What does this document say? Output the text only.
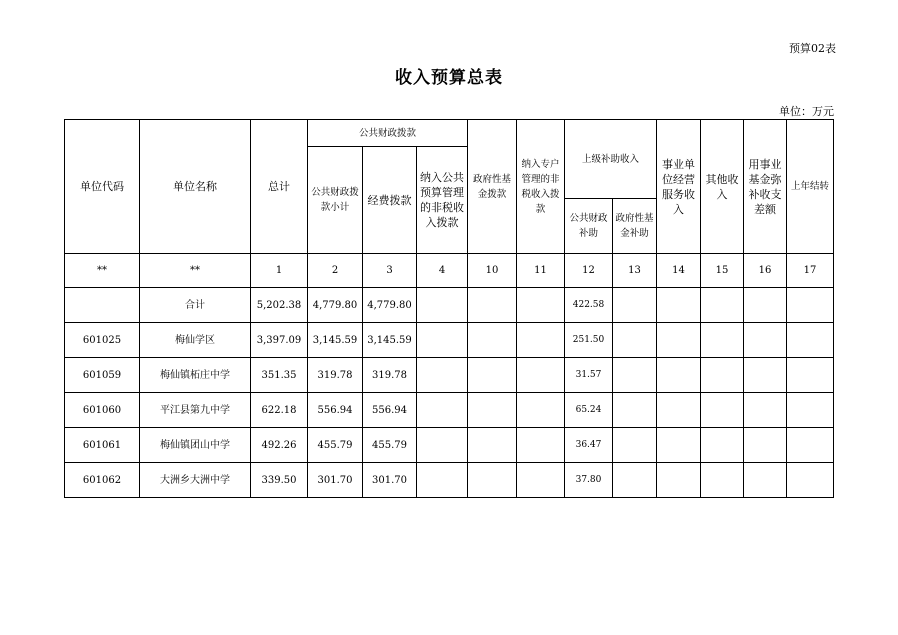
预算02表
收入预算总表
单位：万元
单位代码	单位名称	总计	公共财政拨款			政府性基金拨款	纳入专户管理的非税收入拨款	上级补助收入		事业单位经营服务收入	其他收入	用事业基金弥补收支差额	上年结转
			公共财政拨款小计	经费拨款	纳入公共预算管理的非税收入拨款								
								公共财政补助	政府性基金补助				
**	**	1	2	3	4	10	11	12	13	14	15	16	17
	合计	5,202.38	4,779.80	4,779.80				422.58					
601025	梅仙学区	3,397.09	3,145.59	3,145.59				251.50					
601059	梅仙镇柘庄中学	351.35	319.78	319.78				31.57					
601060	平江县第九中学	622.18	556.94	556.94				65.24					
601061	梅仙镇团山中学	492.26	455.79	455.79				36.47					
601062	大洲乡大洲中学	339.50	301.70	301.70				37.80					
